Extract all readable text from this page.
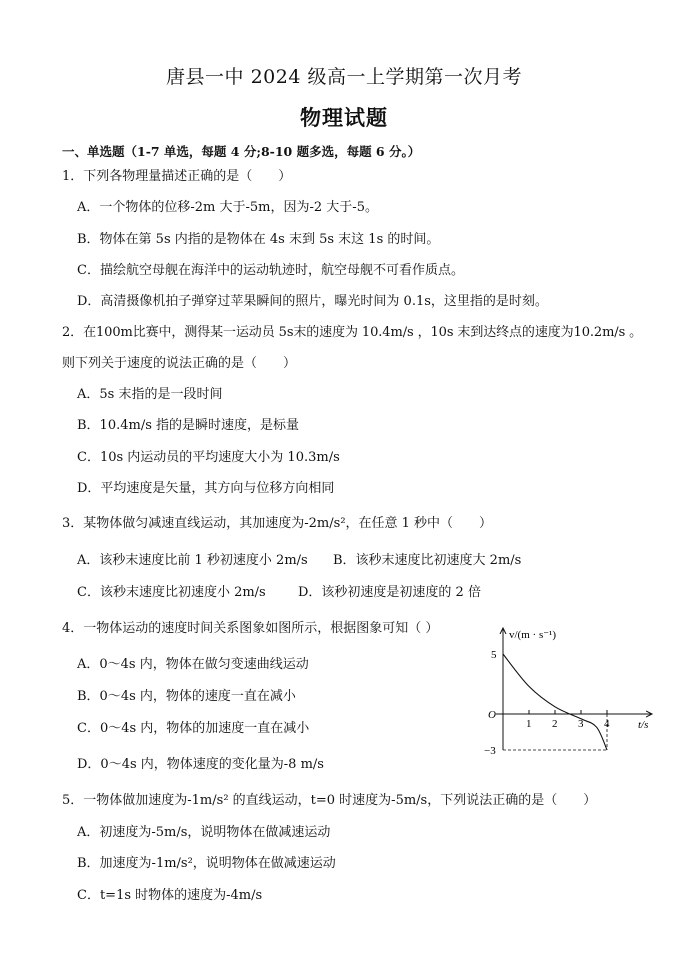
唐县一中 2024 级高一上学期第一次月考
物理试题
一、单选题（1-7 单选，每题 4 分;8-10 题多选，每题 6 分。）
1．下列各物理量描述正确的是（　　）
A．一个物体的位移-2m 大于-5m，因为-2 大于-5。
B．物体在第 5s 内指的是物体在 4s 末到 5s 末这 1s 的时间。
C．描绘航空母舰在海洋中的运动轨迹时，航空母舰不可看作质点。
D．高清摄像机拍子弹穿过苹果瞬间的照片，曝光时间为 0.1s，这里指的是时刻。
2．在100m比赛中，测得某一运动员 5s末的速度为 10.4m/s ，10s 末到达终点的速度为10.2m/s 。
则下列关于速度的说法正确的是（　　）
A．5s 末指的是一段时间
B．10.4m/s 指的是瞬时速度，是标量
C．10s 内运动员的平均速度大小为 10.3m/s
D．平均速度是矢量，其方向与位移方向相同
3．某物体做匀减速直线运动，其加速度为-2m/s²，在任意 1 秒中（　　）
A．该秒末速度比前 1 秒初速度小 2m/s B．该秒末速度比初速度大 2m/s
C．该秒末速度比初速度小 2m/s D．该秒初速度是初速度的 2 倍
4．一物体运动的速度时间关系图象如图所示，根据图象可知（ ）
A．0～4s 内，物体在做匀变速曲线运动
B．0～4s 内，物体的速度一直在减小
C．0～4s 内，物体的加速度一直在减小
D．0～4s 内，物体速度的变化量为-8 m/s
v/(m · s⁻¹)
t/s
O
5
−3
1 2 3 4
5．一物体做加速度为-1m/s² 的直线运动，t=0 时速度为-5m/s，下列说法正确的是（　　）
A．初速度为-5m/s，说明物体在做减速运动
B．加速度为-1m/s²，说明物体在做减速运动
C．t=1s 时物体的速度为-4m/s
